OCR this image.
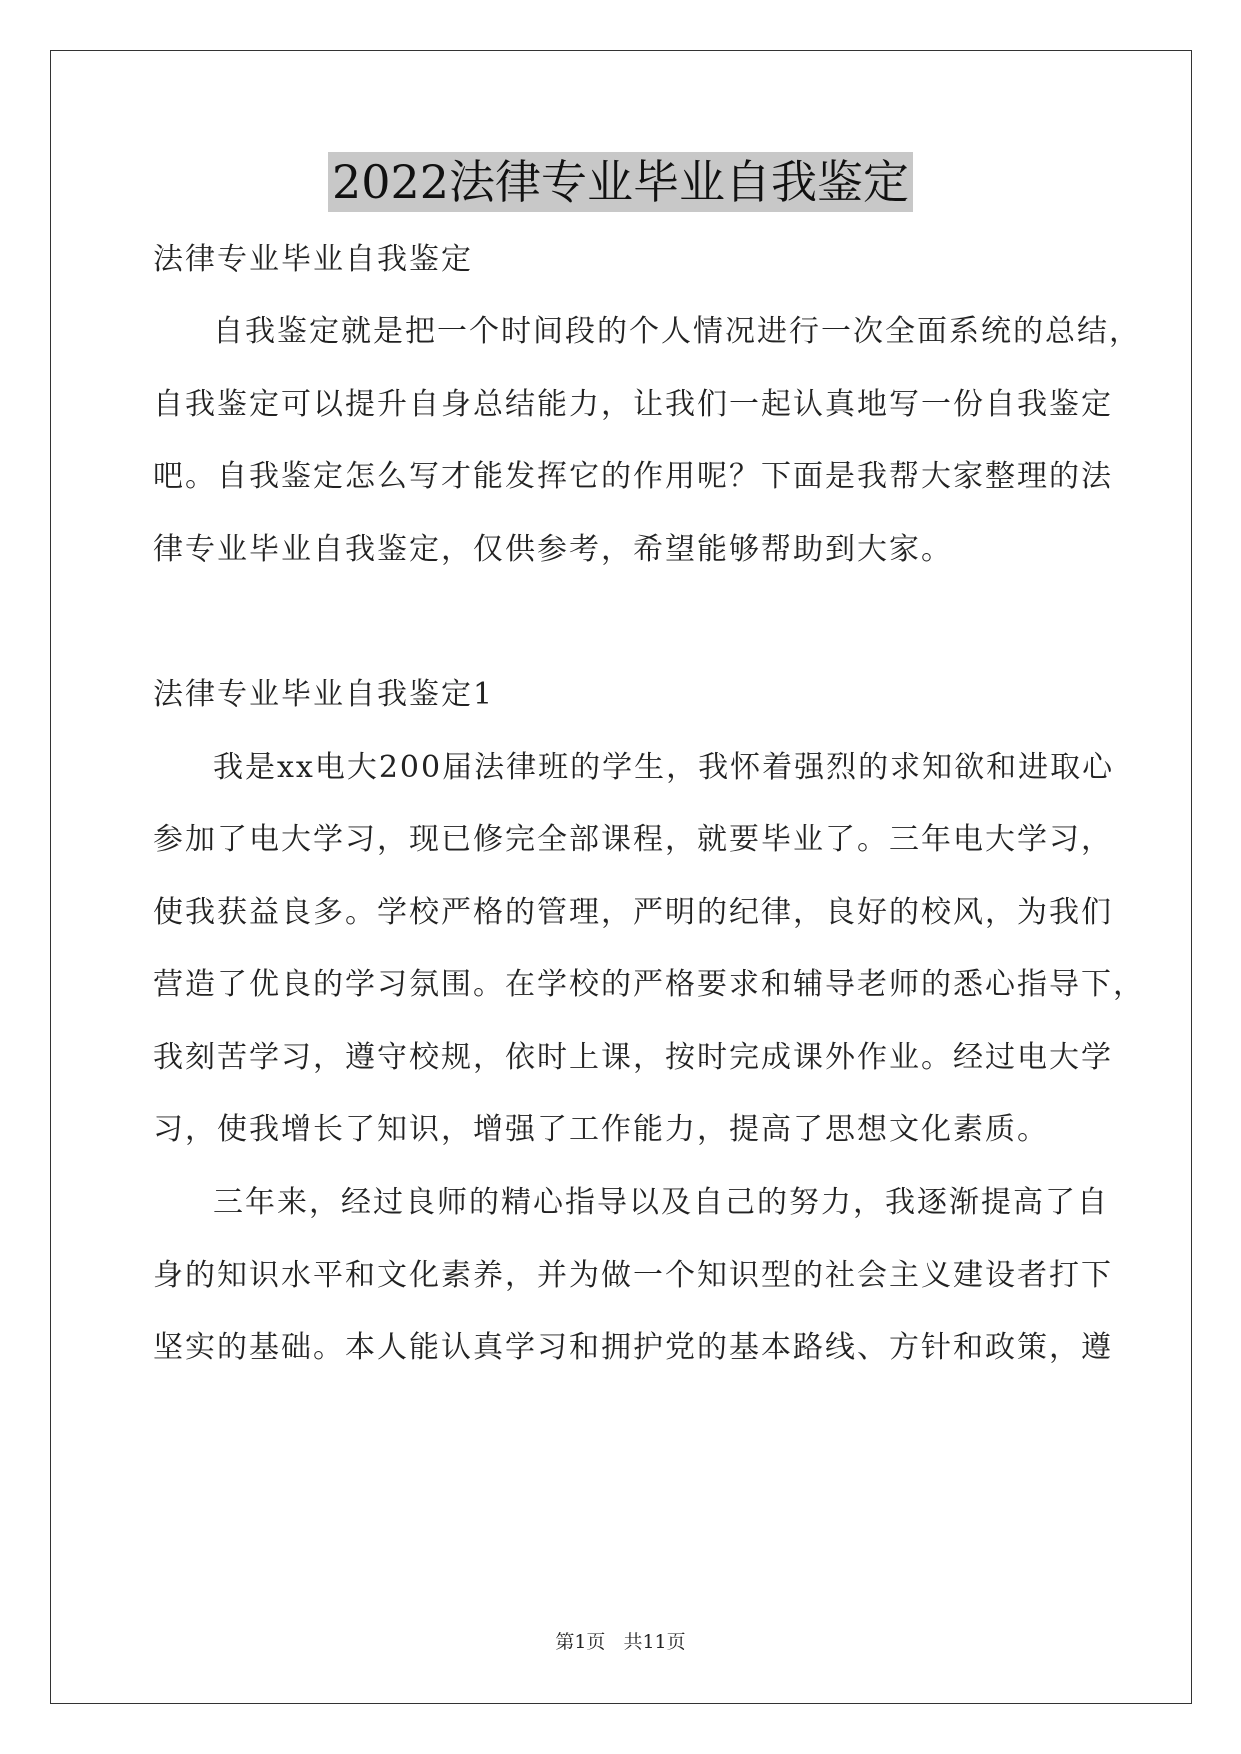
2022法律专业毕业自我鉴定
法律专业毕业自我鉴定
自我鉴定就是把一个时间段的个人情况进行一次全面系统的总结，
自我鉴定可以提升自身总结能力，让我们一起认真地写一份自我鉴定
吧。自我鉴定怎么写才能发挥它的作用呢？下面是我帮大家整理的法
律专业毕业自我鉴定，仅供参考，希望能够帮助到大家。
法律专业毕业自我鉴定1
我是xx电大200届法律班的学生，我怀着强烈的求知欲和进取心
参加了电大学习，现已修完全部课程，就要毕业了。三年电大学习，
使我获益良多。学校严格的管理，严明的纪律，良好的校风，为我们
营造了优良的学习氛围。在学校的严格要求和辅导老师的悉心指导下，
我刻苦学习，遵守校规，依时上课，按时完成课外作业。经过电大学
习，使我增长了知识，增强了工作能力，提高了思想文化素质。
三年来，经过良师的精心指导以及自己的努力，我逐渐提高了自
身的知识水平和文化素养，并为做一个知识型的社会主义建设者打下
坚实的基础。本人能认真学习和拥护党的基本路线、方针和政策，遵
第1页 共11页
